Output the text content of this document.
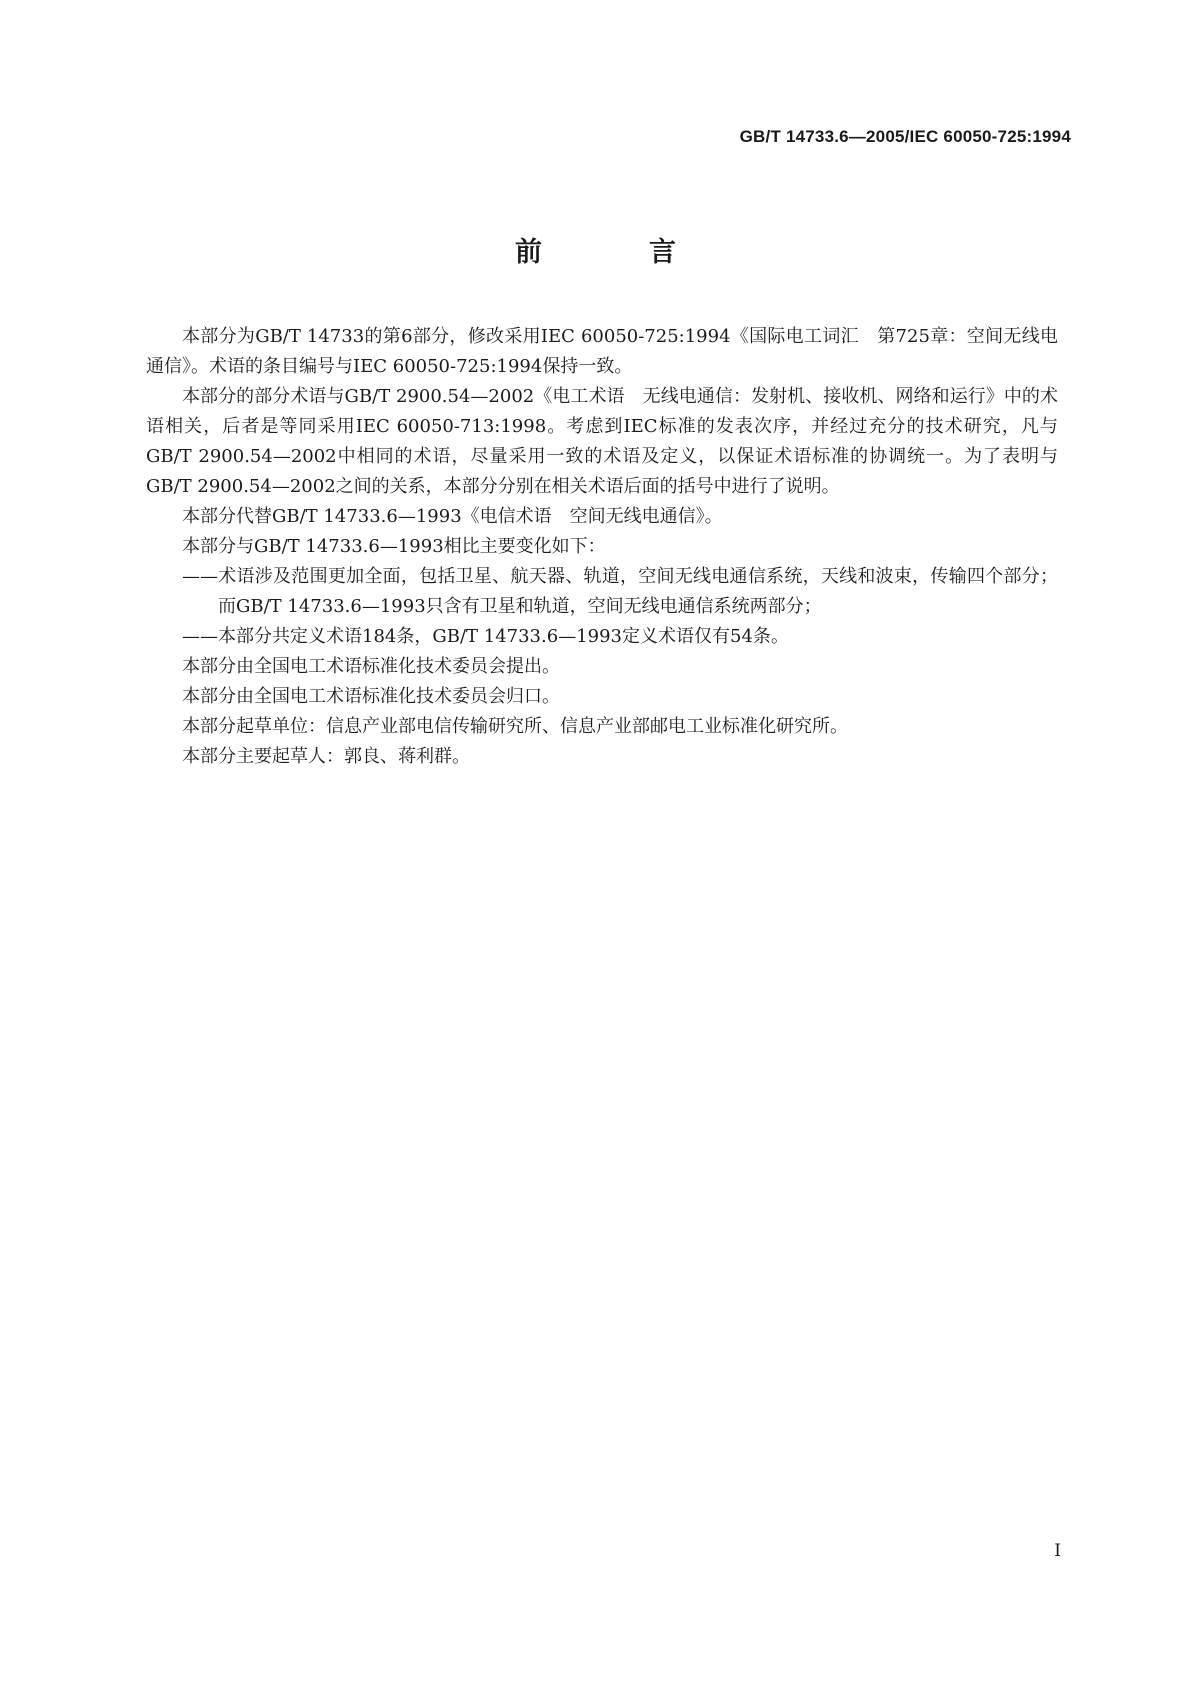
GB/T 14733.6—2005/IEC 60050-725:1994
前　言

本部分为GB/T 14733的第6部分，修改采用IEC 60050-725:1994《国际电工词汇　第725章：空间无线电通信》。术语的条目编号与IEC 60050-725:1994保持一致。

本部分的部分术语与GB/T 2900.54—2002《电工术语　无线电通信：发射机、接收机、网络和运行》中的术语相关，后者是等同采用IEC 60050-713:1998。考虑到IEC标准的发表次序，并经过充分的技术研究，凡与GB/T 2900.54—2002中相同的术语，尽量采用一致的术语及定义，以保证术语标准的协调统一。为了表明与GB/T 2900.54—2002之间的关系，本部分分别在相关术语后面的括号中进行了说明。

本部分代替GB/T 14733.6—1993《电信术语　空间无线电通信》。

本部分与GB/T 14733.6—1993相比主要变化如下：

——术语涉及范围更加全面，包括卫星、航天器、轨道，空间无线电通信系统，天线和波束，传输四个部分；而GB/T 14733.6—1993只含有卫星和轨道，空间无线电通信系统两部分；

——本部分共定义术语184条，GB/T 14733.6—1993定义术语仅有54条。

本部分由全国电工术语标准化技术委员会提出。

本部分由全国电工术语标准化技术委员会归口。

本部分起草单位：信息产业部电信传输研究所、信息产业部邮电工业标准化研究所。

本部分主要起草人：郭良、蒋利群。

I
